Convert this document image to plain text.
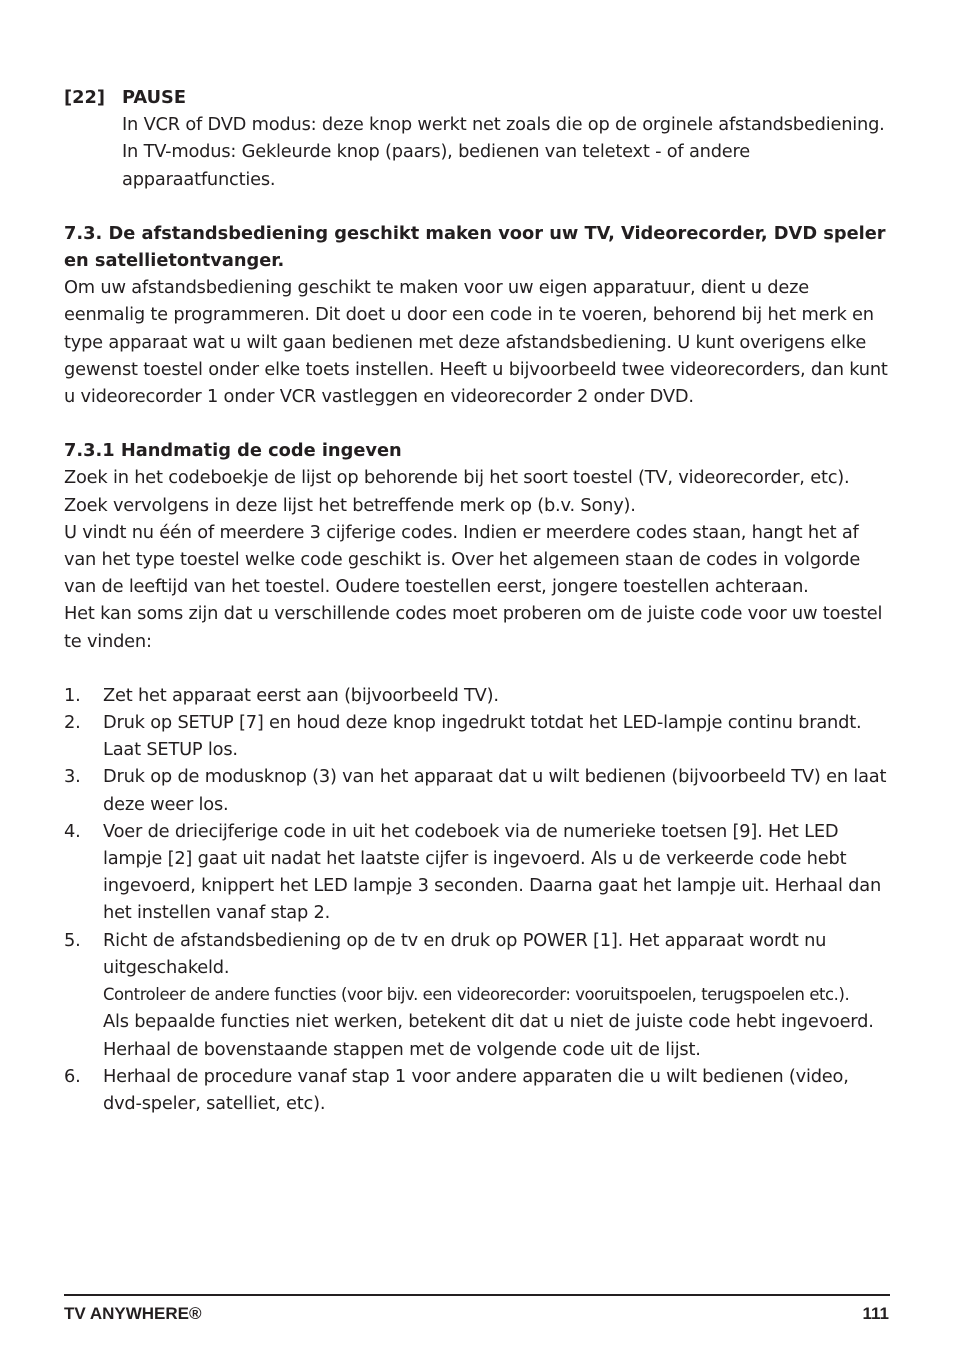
[22] PAUSE

In VCR of DVD modus: deze knop werkt net zoals die op de orginele afstandsbediening.

In TV-modus: Gekleurde knop (paars), bedienen van teletext - of andere apparaatfuncties.

7.3. De afstandsbediening geschikt maken voor uw TV, Videorecorder, DVD speler en satellietontvanger.

Om uw afstandsbediening geschikt te maken voor uw eigen apparatuur, dient u deze eenmalig te programmeren. Dit doet u door een code in te voeren, behorend bij het merk en type apparaat wat u wilt gaan bedienen met deze afstandsbediening. U kunt overigens elke gewenst toestel onder elke toets instellen. Heeft u bijvoorbeeld twee videorecorders, dan kunt u videorecorder 1 onder VCR vastleggen en videorecorder 2 onder DVD.

7.3.1 Handmatig de code ingeven

Zoek in het codeboekje de lijst op behorende bij het soort toestel (TV, videorecorder, etc). Zoek vervolgens in deze lijst het betreffende merk op (b.v. Sony).

U vindt nu één of meerdere 3 cijferige codes. Indien er meerdere codes staan, hangt het af van het type toestel welke code geschikt is. Over het algemeen staan de codes in volgorde van de leeftijd van het toestel. Oudere toestellen eerst, jongere toestellen achteraan.

Het kan soms zijn dat u verschillende codes moet proberen om de juiste code voor uw toestel te vinden:

1. Zet het apparaat eerst aan (bijvoorbeeld TV).
2. Druk op SETUP [7] en houd deze knop ingedrukt totdat het LED-lampje continu brandt. Laat SETUP los.
3. Druk op de modusknop (3) van het apparaat dat u wilt bedienen (bijvoorbeeld TV) en laat deze weer los.
4. Voer de driecijferige code in uit het codeboek via de numerieke toetsen [9]. Het LED lampje [2] gaat uit nadat het laatste cijfer is ingevoerd. Als u de verkeerde code hebt ingevoerd, knippert het LED lampje 3 seconden. Daarna gaat het lampje uit. Herhaal dan het instellen vanaf stap 2.
5. Richt de afstandsbediening op de tv en druk op POWER [1]. Het apparaat wordt nu uitgeschakeld.
Controleer de andere functies (voor bijv. een videorecorder: vooruitspoelen, terugspoelen etc.).
Als bepaalde functies niet werken, betekent dit dat u niet de juiste code hebt ingevoerd. Herhaal de bovenstaande stappen met de volgende code uit de lijst.
6. Herhaal de procedure vanaf stap 1 voor andere apparaten die u wilt bedienen (video, dvd-speler, satelliet, etc).
TV ANYWHERE®	111
